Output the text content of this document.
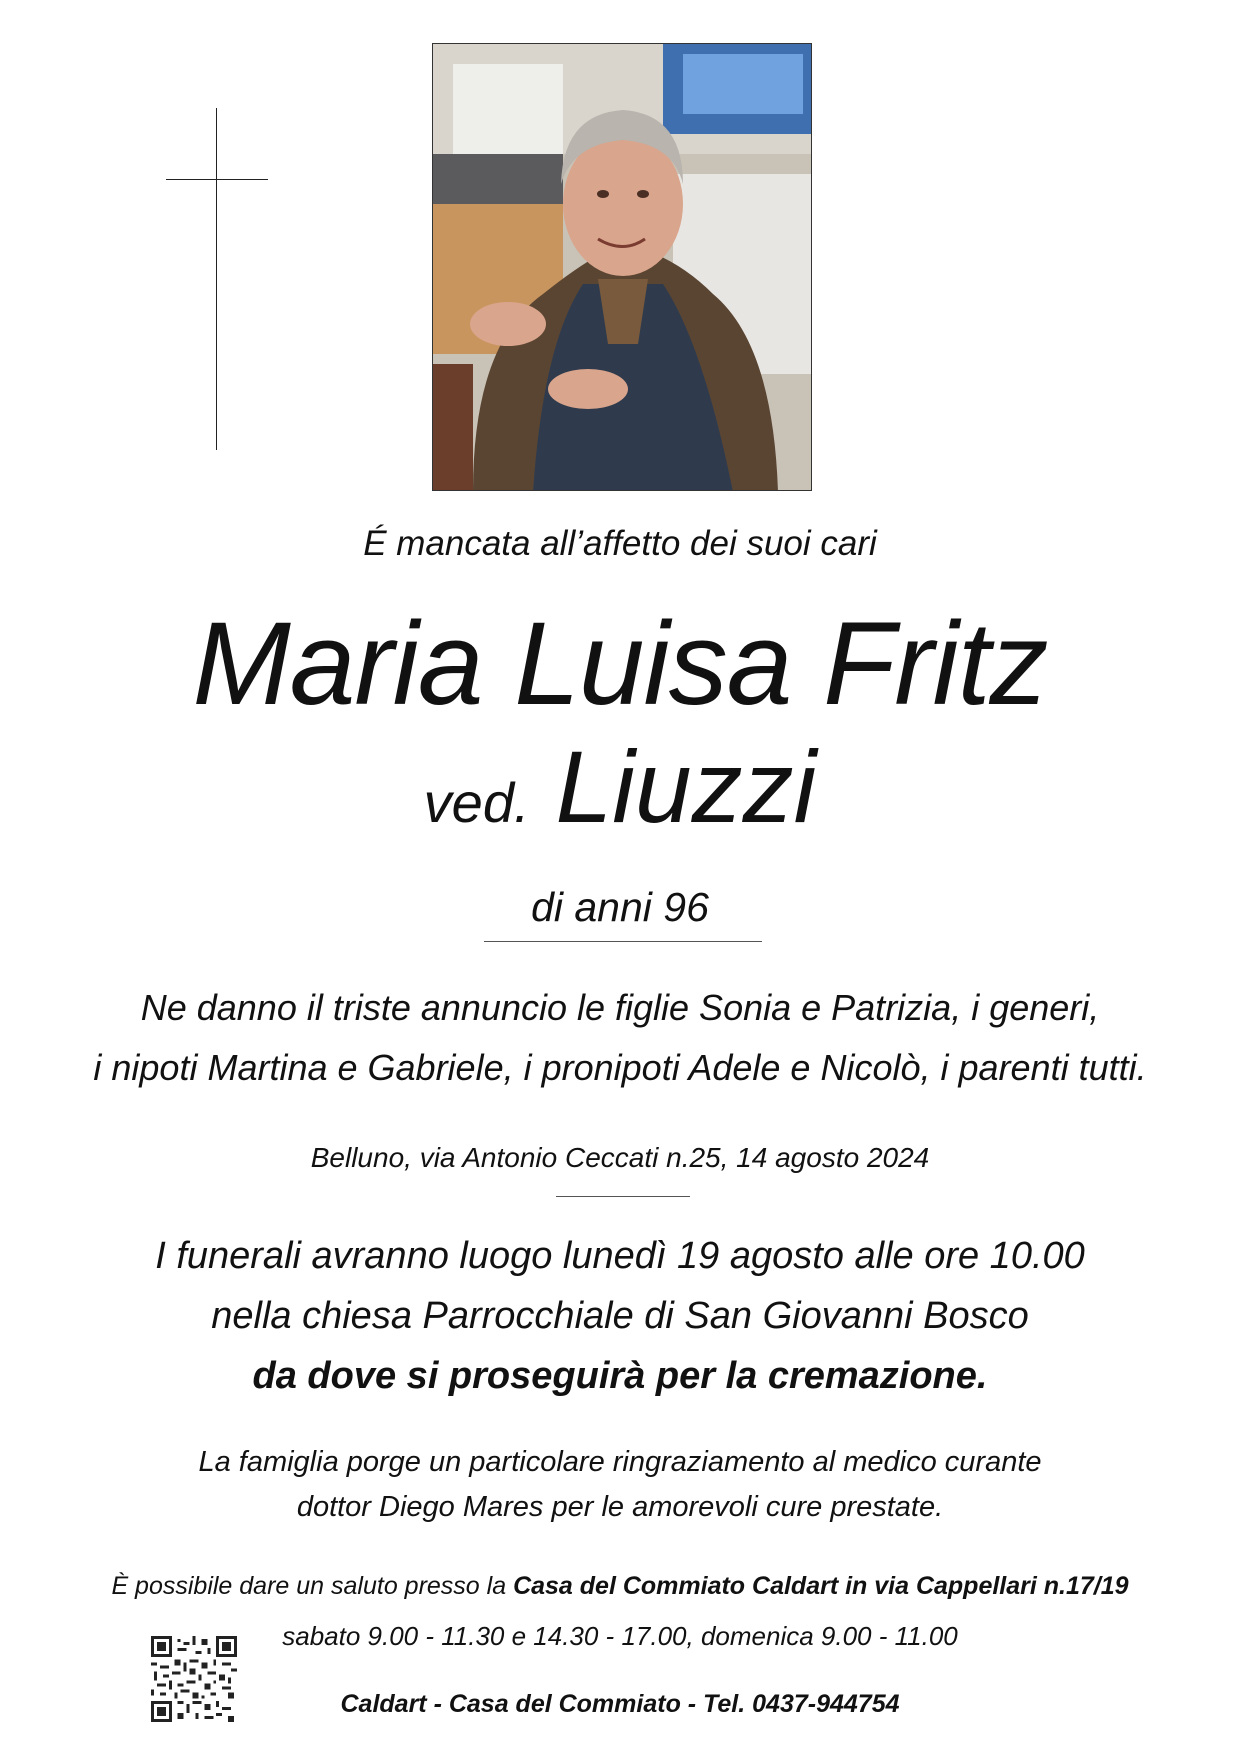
É mancata all’affetto dei suoi cari
Maria Luisa Fritz
ved. Liuzzi
di anni 96
Ne danno il triste annuncio le figlie Sonia e Patrizia, i generi,
i nipoti Martina e Gabriele, i pronipoti Adele e Nicolò, i parenti tutti.
Belluno, via Antonio Ceccati n.25, 14 agosto 2024
I funerali avranno luogo lunedì 19 agosto alle ore 10.00
nella chiesa Parrocchiale di San Giovanni Bosco
da dove si proseguirà per la cremazione.
La famiglia porge un particolare ringraziamento al medico curante
dottor Diego Mares per le amorevoli cure prestate.
È possibile dare un saluto presso la Casa del Commiato Caldart in via Cappellari n.17/19
sabato 9.00 - 11.30 e 14.30 - 17.00, domenica 9.00 - 11.00
Caldart - Casa del Commiato - Tel. 0437-944754
